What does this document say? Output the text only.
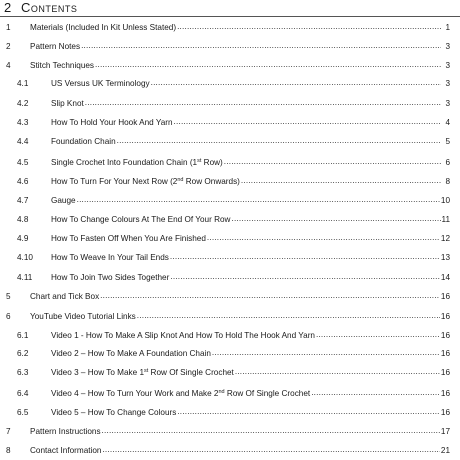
2 Contents
1 Materials (Included In Kit Unless Stated) .....	1
2 Pattern Notes .....	3
4 Stitch Techniques .....	3
4.1	US Versus UK Terminology .....	3
4.2	Slip Knot .....	3
4.3	How To Hold Your Hook And Yarn .....	4
4.4	Foundation Chain .....	5
4.5	Single Crochet Into Foundation Chain (1st Row) .....	6
4.6	How To Turn For Your Next Row (2nd Row Onwards) .....	8
4.7	Gauge .....	10
4.8	How To Change Colours At The End Of Your Row .....	11
4.9	How To Fasten Off When You Are Finished .....	12
4.10 How To Weave In Your Tail Ends .....	13
4.11 How To Join Two Sides Together .....	14
5 Chart and Tick Box .....	16
6 YouTube Video Tutorial Links .....	16
6.1	Video 1 - How To Make A Slip Knot And How To Hold The Hook And Yarn .....	16
6.2	Video 2 – How To Make A Foundation Chain .....	16
6.3	Video 3 – How To Make 1st Row Of Single Crochet .....	16
6.4	Video 4 – How To Turn Your Work and Make 2nd Row Of Single Crochet .....	16
6.5	Video 5 – How To Change Colours .....	16
7 Pattern Instructions .....	17
8 Contact Information .....	21
